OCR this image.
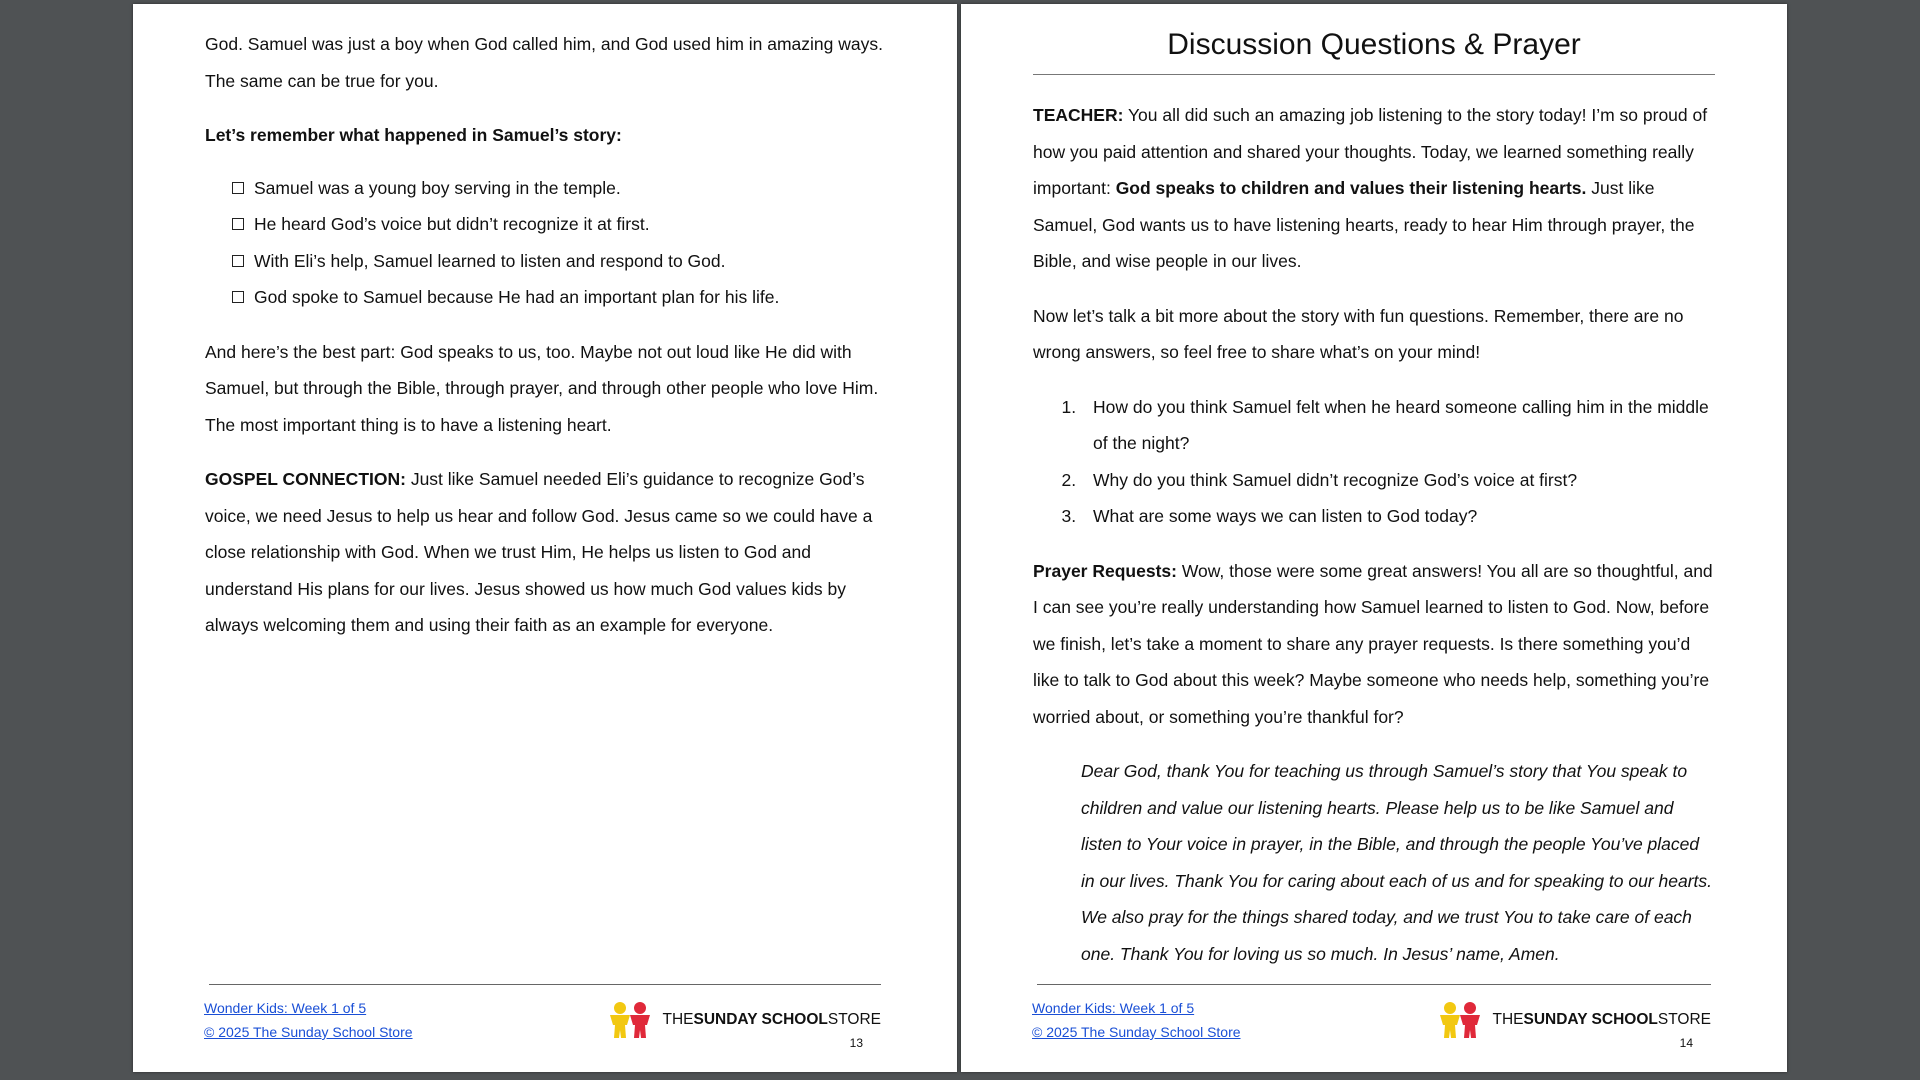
God. Samuel was just a boy when God called him, and God used him in amazing ways. The same can be true for you.

Let’s remember what happened in Samuel’s story:

Samuel was a young boy serving in the temple.
He heard God’s voice but didn’t recognize it at first.
With Eli’s help, Samuel learned to listen and respond to God.
God spoke to Samuel because He had an important plan for his life.

And here’s the best part: God speaks to us, too. Maybe not out loud like He did with Samuel, but through the Bible, through prayer, and through other people who love Him. The most important thing is to have a listening heart.

GOSPEL CONNECTION: Just like Samuel needed Eli’s guidance to recognize God’s voice, we need Jesus to help us hear and follow God. Jesus came so we could have a close relationship with God. When we trust Him, He helps us listen to God and understand His plans for our lives. Jesus showed us how much God values kids by always welcoming them and using their faith as an example for everyone.

Wonder Kids: Week 1 of 5
© 2025 The Sunday School Store
THE SUNDAY SCHOOL STORE
13
Discussion Questions & Prayer

TEACHER: You all did such an amazing job listening to the story today! I’m so proud of how you paid attention and shared your thoughts. Today, we learned something really important: God speaks to children and values their listening hearts. Just like Samuel, God wants us to have listening hearts, ready to hear Him through prayer, the Bible, and wise people in our lives.

Now let’s talk a bit more about the story with fun questions. Remember, there are no wrong answers, so feel free to share what’s on your mind!

1. How do you think Samuel felt when he heard someone calling him in the middle of the night?
2. Why do you think Samuel didn’t recognize God’s voice at first?
3. What are some ways we can listen to God today?

Prayer Requests: Wow, those were some great answers! You all are so thoughtful, and I can see you’re really understanding how Samuel learned to listen to God. Now, before we finish, let’s take a moment to share any prayer requests. Is there something you’d like to talk to God about this week? Maybe someone who needs help, something you’re worried about, or something you’re thankful for?

Dear God, thank You for teaching us through Samuel’s story that You speak to children and value our listening hearts. Please help us to be like Samuel and listen to Your voice in prayer, in the Bible, and through the people You’ve placed in our lives. Thank You for caring about each of us and for speaking to our hearts. We also pray for the things shared today, and we trust You to take care of each one. Thank You for loving us so much. In Jesus’ name, Amen.

Wonder Kids: Week 1 of 5
© 2025 The Sunday School Store
THE SUNDAY SCHOOL STORE
14
